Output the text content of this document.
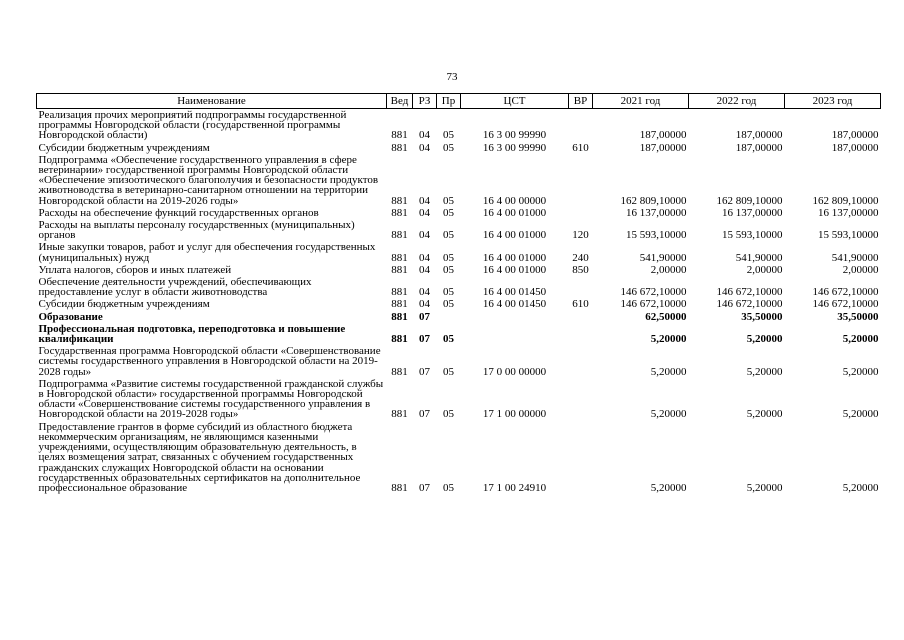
73
Наименование	Вед	РЗ	Пр	ЦСТ	ВР	2021 год	2022 год	2023 год
Реализация прочих мероприятий подпрограммы государственной программы Новгородской области (государственной программы Новгородской области)	881	04	05	16 3 00 99990		187,00000	187,00000	187,00000
Субсидии бюджетным учреждениям	881	04	05	16 3 00 99990	610	187,00000	187,00000	187,00000
Подпрограмма «Обеспечение государственного управления в сфере ветеринарии» государственной программы Новгородской области «Обеспечение эпизоотического благополучия и безопасности продуктов животноводства в ветеринарно-санитарном отношении на территории Новгородской области на 2019-2026 годы»	881	04	05	16 4 00 00000		162 809,10000	162 809,10000	162 809,10000
Расходы на обеспечение функций государственных органов	881	04	05	16 4 00 01000		16 137,00000	16 137,00000	16 137,00000
Расходы на выплаты персоналу государственных (муниципальных) органов	881	04	05	16 4 00 01000	120	15 593,10000	15 593,10000	15 593,10000
Иные закупки товаров, работ и услуг для обеспечения государственных (муниципальных) нужд	881	04	05	16 4 00 01000	240	541,90000	541,90000	541,90000
Уплата налогов, сборов и иных платежей	881	04	05	16 4 00 01000	850	2,00000	2,00000	2,00000
Обеспечение деятельности учреждений, обеспечивающих предоставление услуг в области животноводства	881	04	05	16 4 00 01450		146 672,10000	146 672,10000	146 672,10000
Субсидии бюджетным учреждениям	881	04	05	16 4 00 01450	610	146 672,10000	146 672,10000	146 672,10000
Образование	881	07				62,50000	35,50000	35,50000
Профессиональная подготовка, переподготовка и повышение квалификации	881	07	05			5,20000	5,20000	5,20000
Государственная программа Новгородской области «Совершенствование системы государственного управления в Новгородской области на 2019-2028 годы»	881	07	05	17 0 00 00000		5,20000	5,20000	5,20000
Подпрограмма «Развитие системы государственной гражданской службы в Новгородской области» государственной программы Новгородской области «Совершенствование системы государственного управления в Новгородской области на 2019-2028 годы»	881	07	05	17 1 00 00000		5,20000	5,20000	5,20000
Предоставление грантов в форме субсидий из областного бюджета некоммерческим организациям, не являющимся казенными учреждениями, осуществляющим образовательную деятельность, в целях возмещения затрат, связанных с обучением государственных гражданских служащих Новгородской области на основании государственных образовательных сертификатов на дополнительное профессиональное образование	881	07	05	17 1 00 24910		5,20000	5,20000	5,20000
